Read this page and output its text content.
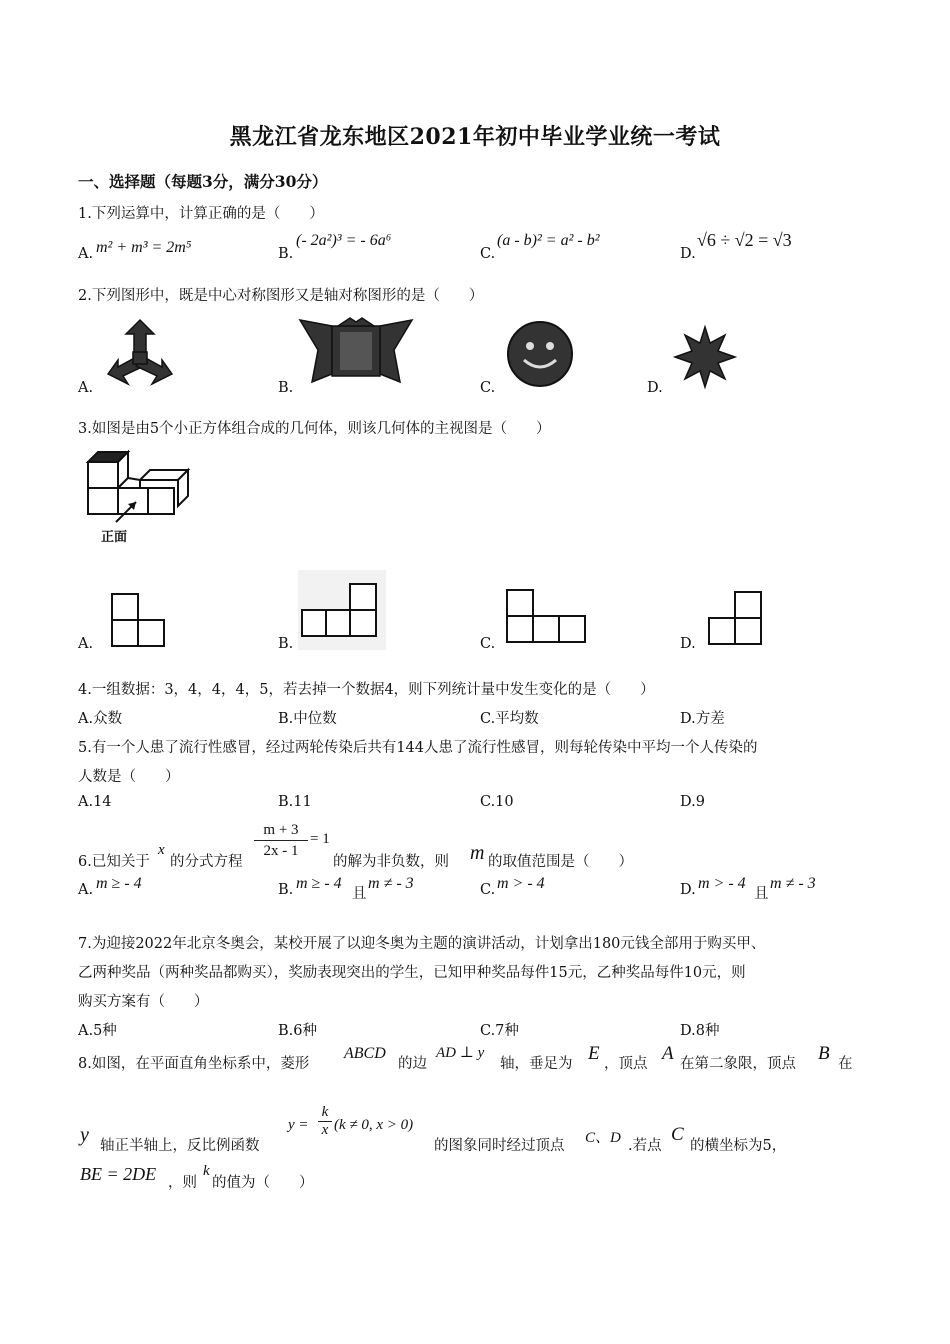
黑龙江省龙东地区2021年初中毕业学业统一考试
一、选择题（每题3分，满分30分）
1.下列运算中，计算正确的是（　　）
A. m² + m³ = 2m⁵	B.
(- 2a²)³ = - 6a⁶
C.
(a - b)² = a² - b²
D.
√6 ÷ √2 = √3
2.下列图形中，既是中心对称图形又是轴对称图形的是（　　）
A.	B.	C.	D.
3.如图是由5个小正方体组合成的几何体，则该几何体的主视图是（　　）
正面
A.	B.	C.	D.
4.一组数据：3，4，4，4，5，若去掉一个数据4，则下列统计量中发生变化的是（　　）
A.众数	B.中位数	C.平均数	D.方差
5.有一个人患了流行性感冒，经过两轮传染后共有144人患了流行性感冒，则每轮传染中平均一个人传染的
人数是（　　）
A.14	B.11	C.10	D.9
6.已知关于
x
的分式方程
$\frac{m + 3}{2x - 1} = 1$
的解为非负数，则 m 的取值范围是（　　）
A. m ≥ - 4	B. m ≥ - 4
且
m ≠ - 3	C. m > - 4	D. m > - 4
且
m ≠ - 3
7.为迎接2022年北京冬奥会，某校开展了以迎冬奥为主题的演讲活动，计划拿出180元钱全部用于购买甲、
乙两种奖品（两种奖品都购买），奖励表现突出的学生，已知甲种奖品每件15元，乙种奖品每件10元，则
购买方案有（　　）
A.5种	B.6种	C.7种	D.8种
8.如图，在平面直角坐标系中，菱形
ABCD
的边
AD ⊥ y
轴，垂足为 E ，顶点 A 在第二象限，顶点 B 在
y 轴正半轴上，反比例函数
$y = \frac{k}{x} (k \ne 0$, x > 0)
的图象同时经过顶点 C、D .若点
C
的横坐标为5，
BE = 2DE ，则
k
的值为（　　）
